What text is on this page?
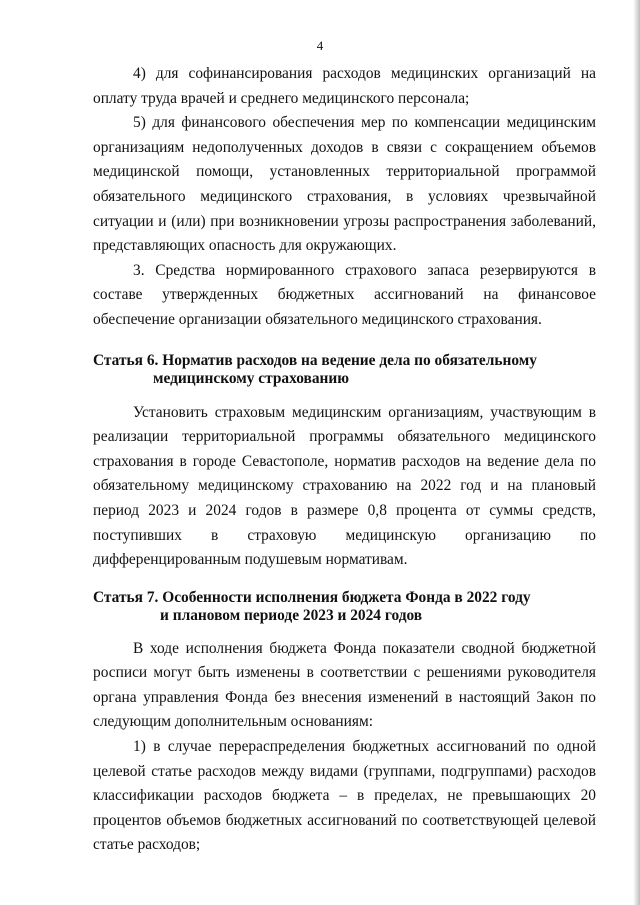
4

4) для софинансирования расходов медицинских организаций на оплату труда врачей и среднего медицинского персонала;

5) для финансового обеспечения мер по компенсации медицинским организациям недополученных доходов в связи с сокращением объемов медицинской помощи, установленных территориальной программой обязательного медицинского страхования, в условиях чрезвычайной ситуации и (или) при возникновении угрозы распространения заболеваний, представляющих опасность для окружающих.

3. Средства нормированного страхового запаса резервируются в составе утвержденных бюджетных ассигнований на финансовое обеспечение организации обязательного медицинского страхования.

Статья 6. Норматив расходов на ведение дела по обязательному
медицинскому страхованию

Установить страховым медицинским организациям, участвующим в реализации территориальной программы обязательного медицинского страхования в городе Севастополе, норматив расходов на ведение дела по обязательному медицинскому страхованию на 2022 год и на плановый период 2023 и 2024 годов в размере 0,8 процента от суммы средств, поступивших в страховую медицинскую организацию по дифференцированным подушевым нормативам.

Статья 7. Особенности исполнения бюджета Фонда в 2022 году
и плановом периоде 2023 и 2024 годов

В ходе исполнения бюджета Фонда показатели сводной бюджетной росписи могут быть изменены в соответствии с решениями руководителя органа управления Фонда без внесения изменений в настоящий Закон по следующим дополнительным основаниям:

1) в случае перераспределения бюджетных ассигнований по одной целевой статье расходов между видами (группами, подгруппами) расходов классификации расходов бюджета – в пределах, не превышающих 20 процентов объемов бюджетных ассигнований по соответствующей целевой статье расходов;
